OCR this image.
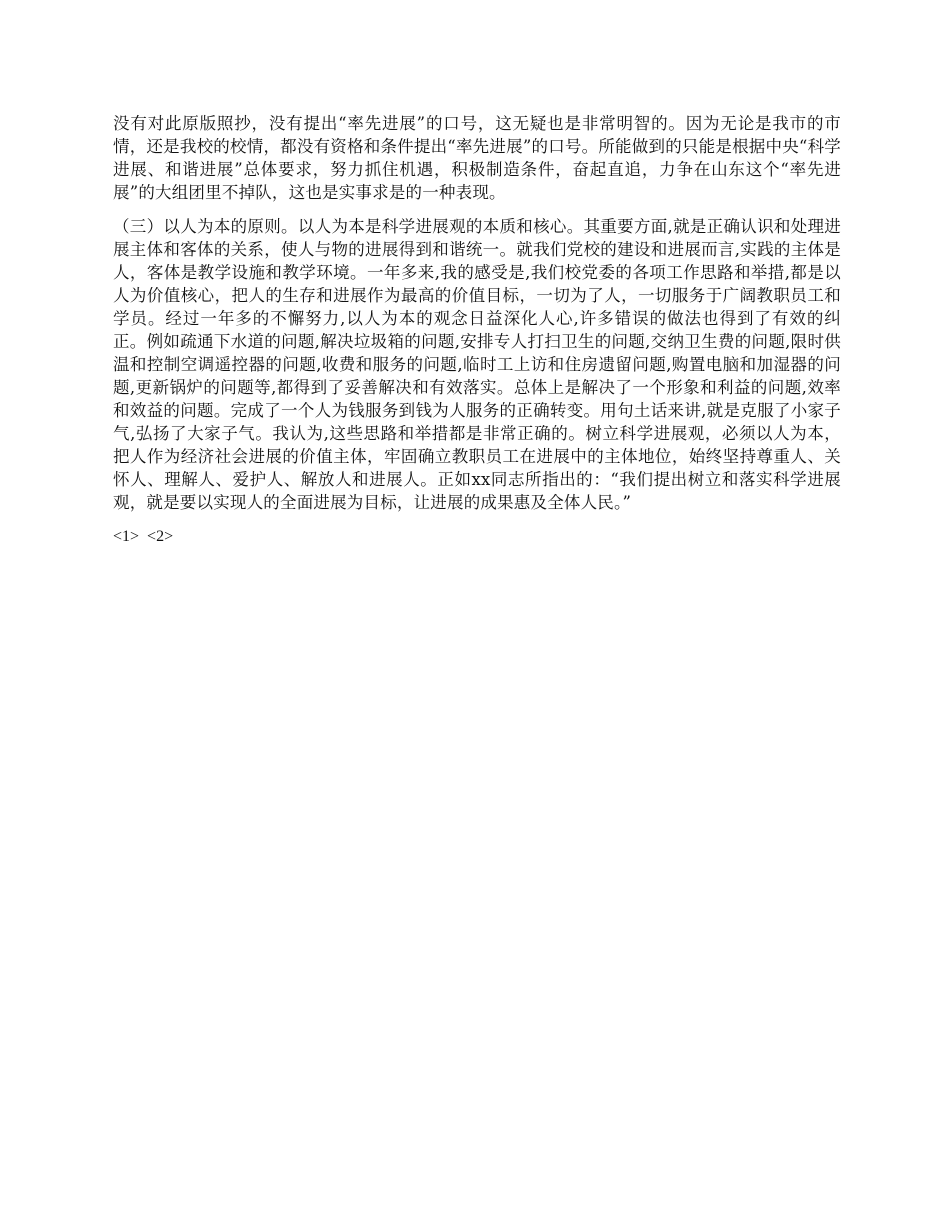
没有对此原版照抄，没有提出“率先进展”的口号，这无疑也是非常明智的。因为无论是我市的市情，还是我校的校情，都没有资格和条件提出“率先进展”的口号。所能做到的只能是根据中央“科学进展、和谐进展”总体要求，努力抓住机遇，积极制造条件，奋起直追，力争在山东这个“率先进展”的大组团里不掉队，这也是实事求是的一种表现。

（三）以人为本的原则。以人为本是科学进展观的本质和核心。其重要方面,就是正确认识和处理进展主体和客体的关系，使人与物的进展得到和谐统一。就我们党校的建设和进展而言,实践的主体是人，客体是教学设施和教学环境。一年多来,我的感受是,我们校党委的各项工作思路和举措,都是以人为价值核心，把人的生存和进展作为最高的价值目标，一切为了人，一切服务于广阔教职员工和学员。经过一年多的不懈努力,以人为本的观念日益深化人心,许多错误的做法也得到了有效的纠正。例如疏通下水道的问题,解决垃圾箱的问题,安排专人打扫卫生的问题,交纳卫生费的问题,限时供温和控制空调遥控器的问题,收费和服务的问题,临时工上访和住房遗留问题,购置电脑和加湿器的问题,更新锅炉的问题等,都得到了妥善解决和有效落实。总体上是解决了一个形象和利益的问题,效率和效益的问题。完成了一个人为钱服务到钱为人服务的正确转变。用句土话来讲,就是克服了小家子气,弘扬了大家子气。我认为,这些思路和举措都是非常正确的。树立科学进展观，必须以人为本，把人作为经济社会进展的价值主体，牢固确立教职员工在进展中的主体地位，始终坚持尊重人、关怀人、理解人、爱护人、解放人和进展人。正如xx同志所指出的：“我们提出树立和落实科学进展观，就是要以实现人的全面进展为目标，让进展的成果惠及全体人民。”

<1> <2>
